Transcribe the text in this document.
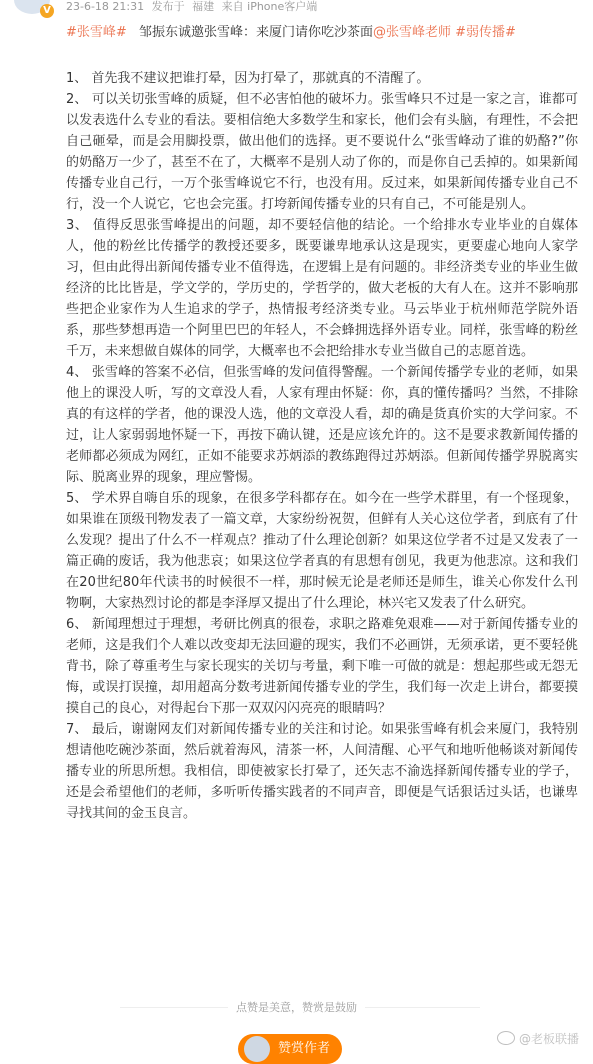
V 23-6-18 21:31 发布于 福建 来自 iPhone客户端
#张雪峰# 邹振东诚邀张雪峰：来厦门请你吃沙茶面@张雪峰老师 #弱传播#

1、 首先我不建议把谁打晕，因为打晕了，那就真的不清醒了。

2、 可以关切张雪峰的质疑，但不必害怕他的破坏力。张雪峰只不过是一家之言，谁都可以发表选什么专业的看法。要相信绝大多数学生和家长，他们会有头脑，有理性，不会把自己砸晕，而是会用脚投票，做出他们的选择。更不要说什么“张雪峰动了谁的奶酪?”你的奶酪万一少了，甚至不在了，大概率不是别人动了你的，而是你自己丢掉的。如果新闻传播专业自己行，一万个张雪峰说它不行，也没有用。反过来，如果新闻传播专业自己不行，没一个人说它，它也会完蛋。打垮新闻传播专业的只有自己，不可能是别人。

3、 值得反思张雪峰提出的问题，却不要轻信他的结论。一个给排水专业毕业的自媒体人，他的粉丝比传播学的教授还要多，既要谦卑地承认这是现实，更要虚心地向人家学习，但由此得出新闻传播专业不值得选，在逻辑上是有问题的。非经济类专业的毕业生做经济的比比皆是，学文学的，学历史的，学哲学的，做大老板的大有人在。这并不影响那些把企业家作为人生追求的学子，热情报考经济类专业。马云毕业于杭州师范学院外语系，那些梦想再造一个阿里巴巴的年轻人，不会蜂拥选择外语专业。同样，张雪峰的粉丝千万，未来想做自媒体的同学，大概率也不会把给排水专业当做自己的志愿首选。

4、 张雪峰的答案不必信，但张雪峰的发问值得警醒。一个新闻传播学专业的老师，如果他上的课没人听，写的文章没人看，人家有理由怀疑：你，真的懂传播吗？当然，不排除真的有这样的学者，他的课没人选，他的文章没人看，却的确是货真价实的大学问家。不过，让人家弱弱地怀疑一下，再按下确认键，还是应该允许的。这不是要求教新闻传播的老师都必须成为网红，正如不能要求苏炳添的教练跑得过苏炳添。但新闻传播学界脱离实际、脱离业界的现象，理应警惕。

5、 学术界自嗨自乐的现象，在很多学科都存在。如今在一些学术群里，有一个怪现象，如果谁在顶级刊物发表了一篇文章，大家纷纷祝贺，但鲜有人关心这位学者，到底有了什么发现？提出了什么不一样观点？推动了什么理论创新？如果这位学者不过是又发表了一篇正确的废话，我为他悲哀；如果这位学者真的有思想有创见，我更为他悲凉。这和我们在20世纪80年代读书的时候很不一样，那时候无论是老师还是师生，谁关心你发什么刊物啊，大家热烈讨论的都是李泽厚又提出了什么理论，林兴宅又发表了什么研究。

6、 新闻理想过于理想，考研比例真的很卷，求职之路难免艰难——对于新闻传播专业的老师，这是我们个人难以改变却无法回避的现实，我们不必画饼，无须承诺，更不要轻佻背书，除了尊重考生与家长现实的关切与考量，剩下唯一可做的就是：想起那些或无怨无悔，或误打误撞，却用超高分数考进新闻传播专业的学生，我们每一次走上讲台，都要摸摸自己的良心，对得起台下那一双双闪闪亮亮的眼睛吗？

7、 最后，谢谢网友们对新闻传播专业的关注和讨论。如果张雪峰有机会来厦门，我特别想请他吃碗沙茶面，然后就着海风，清茶一杯，人间清醒、心平气和地听他畅谈对新闻传播专业的所思所想。我相信，即使被家长打晕了，还矢志不渝选择新闻传播专业的学子，还是会希望他们的老师，多听听传播实践者的不同声音，即便是气话狠话过头话，也谦卑寻找其间的金玉良言。

点赞是美意，赞赏是鼓励
赞赏作者
@老板联播
